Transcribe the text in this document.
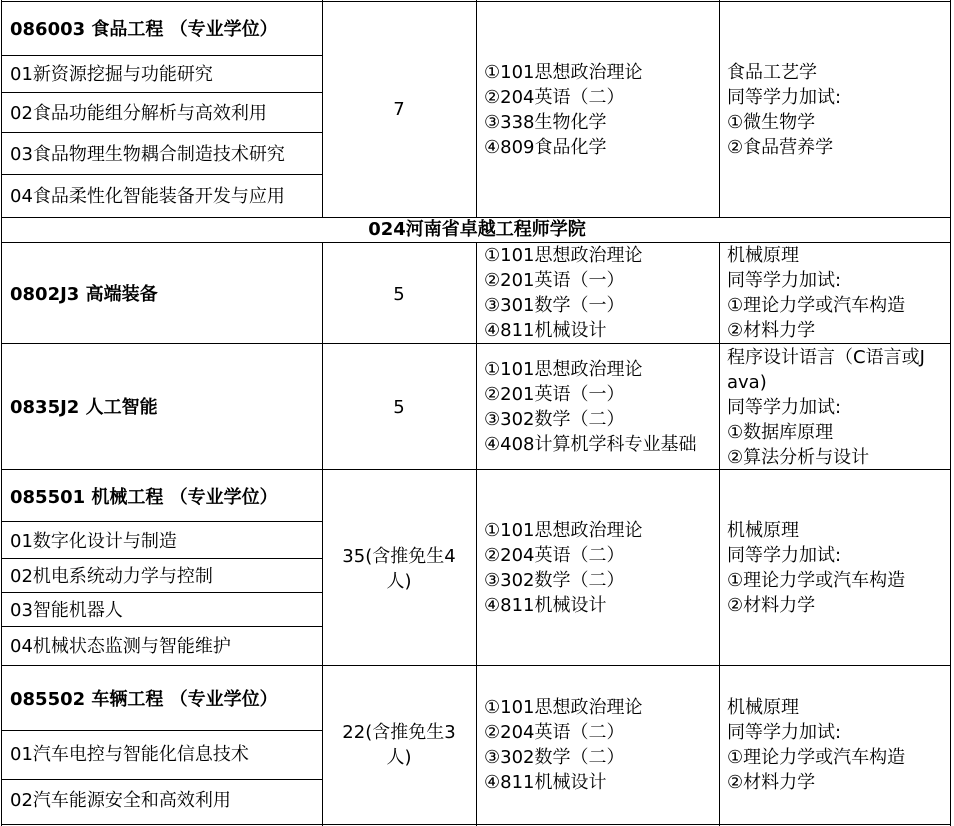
086003 食品工程 （专业学位）
01新资源挖掘与功能研究
02食品功能组分解析与高效利用
03食品物理生物耦合制造技术研究
04食品柔性化智能装备开发与应用
7
①101思想政治理论
②204英语（二）
③338生物化学
④809食品化学
食品工艺学
同等学力加试:
①微生物学
②食品营养学
024河南省卓越工程师学院
0802J3 高端装备	5
①101思想政治理论
②201英语（一）
③301数学（一）
④811机械设计
机械原理
同等学力加试:
①理论力学或汽车构造
②材料力学
0835J2 人工智能	5
①101思想政治理论
②201英语（一）
③302数学（二）
④408计算机学科专业基础
程序设计语言（C语言或J
ava)
同等学力加试:
①数据库原理
②算法分析与设计
085501 机械工程 （专业学位）
01数字化设计与制造
02机电系统动力学与控制
03智能机器人
04机械状态监测与智能维护
35(含推免生4
人)
①101思想政治理论
②204英语（二）
③302数学（二）
④811机械设计
机械原理
同等学力加试:
①理论力学或汽车构造
②材料力学
085502 车辆工程 （专业学位）
01汽车电控与智能化信息技术
02汽车能源安全和高效利用
22(含推免生3
人)
①101思想政治理论
②204英语（二）
③302数学（二）
④811机械设计
机械原理
同等学力加试:
①理论力学或汽车构造
②材料力学
